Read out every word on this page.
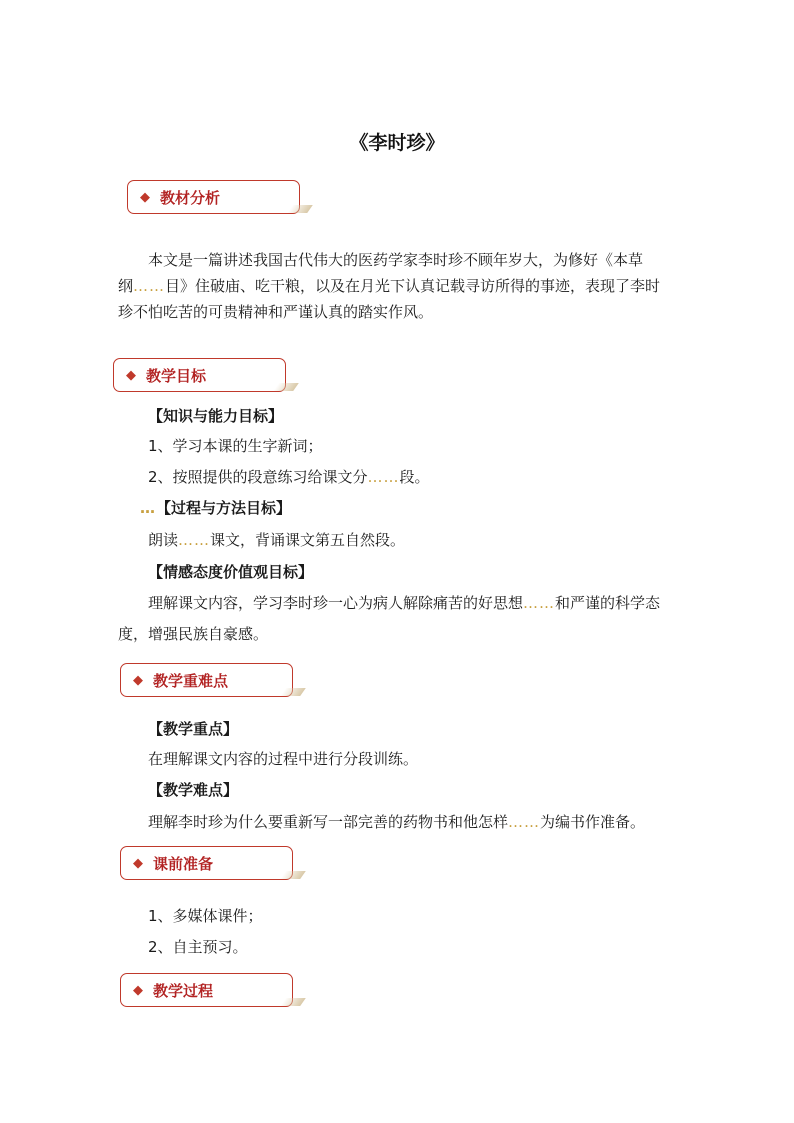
《李时珍》
◆ 教材分析
本文是一篇讲述我国古代伟大的医药学家李时珍不顾年岁大，为修好《本草
纲……目》住破庙、吃干粮，以及在月光下认真记载寻访所得的事迹，表现了李时
珍不怕吃苦的可贵精神和严谨认真的踏实作风。
◆ 教学目标
【知识与能力目标】
1、学习本课的生字新词；
2、按照提供的段意练习给课文分……段。
…【过程与方法目标】
朗读……课文，背诵课文第五自然段。
【情感态度价值观目标】
理解课文内容，学习李时珍一心为病人解除痛苦的好思想……和严谨的科学态
度，增强民族自豪感。
◆ 教学重难点
【教学重点】
在理解课文内容的过程中进行分段训练。
【教学难点】
理解李时珍为什么要重新写一部完善的药物书和他怎样……为编书作准备。
◆ 课前准备
1、多媒体课件；
2、自主预习。
◆ 教学过程
